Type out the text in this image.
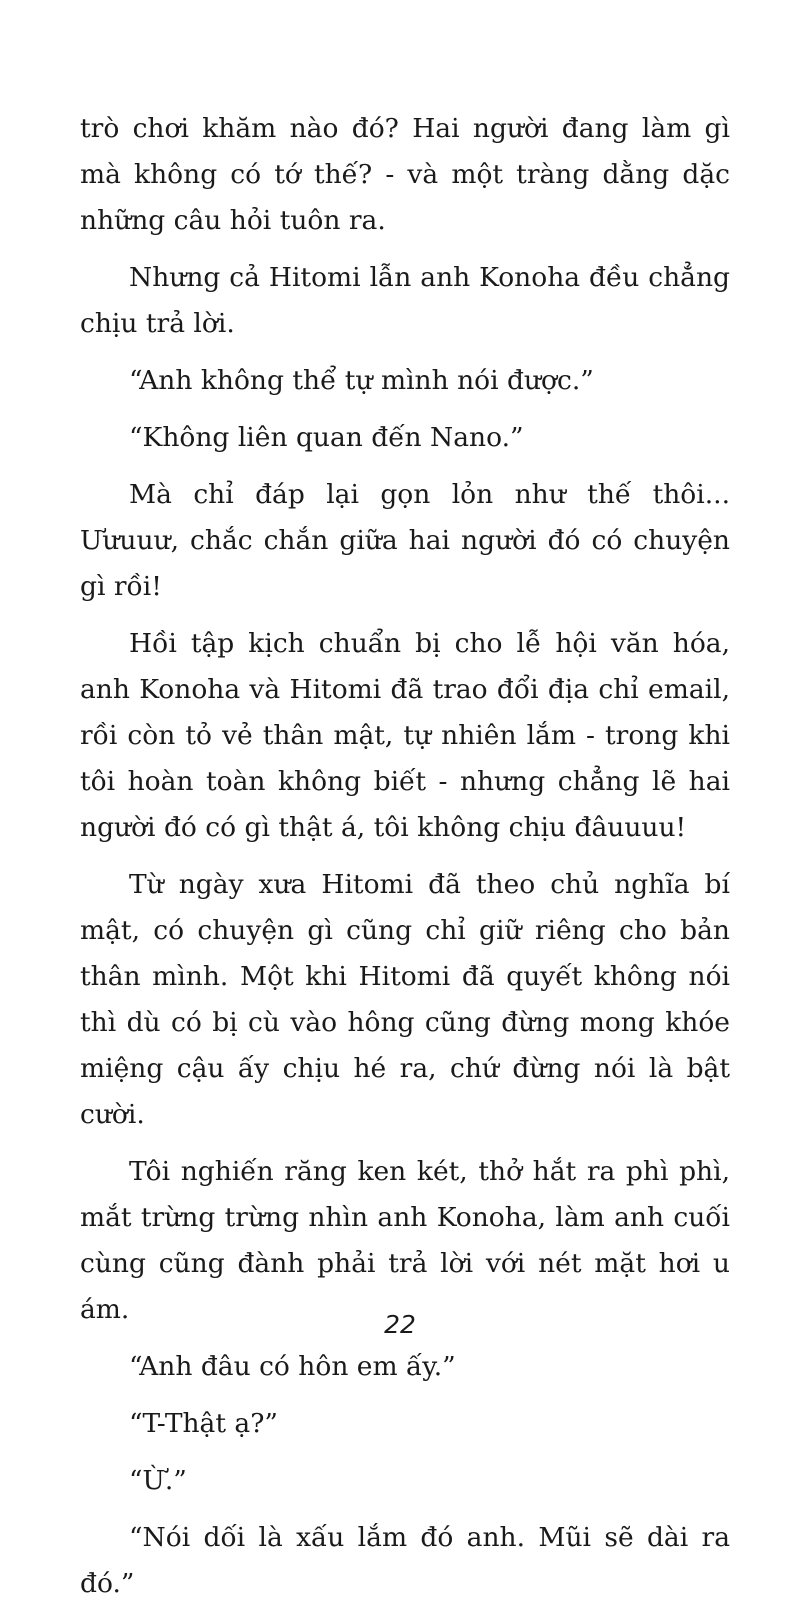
trò chơi khăm nào đó? Hai người đang làm gì mà không có tớ thế? - và một tràng dằng dặc những câu hỏi tuôn ra.

Nhưng cả Hitomi lẫn anh Konoha đều chẳng chịu trả lời.

“Anh không thể tự mình nói được.”

“Không liên quan đến Nano.”

Mà chỉ đáp lại gọn lỏn như thế thôi... Ưưuuư, chắc chắn giữa hai người đó có chuyện gì rồi!

Hồi tập kịch chuẩn bị cho lễ hội văn hóa, anh Konoha và Hitomi đã trao đổi địa chỉ email, rồi còn tỏ vẻ thân mật, tự nhiên lắm - trong khi tôi hoàn toàn không biết - nhưng chẳng lẽ hai người đó có gì thật á, tôi không chịu đâuuuu!

Từ ngày xưa Hitomi đã theo chủ nghĩa bí mật, có chuyện gì cũng chỉ giữ riêng cho bản thân mình. Một khi Hitomi đã quyết không nói thì dù có bị cù vào hông cũng đừng mong khóe miệng cậu ấy chịu hé ra, chứ đừng nói là bật cười.

Tôi nghiến răng ken két, thở hắt ra phì phì, mắt trừng trừng nhìn anh Konoha, làm anh cuối cùng cũng đành phải trả lời với nét mặt hơi u ám.

“Anh đâu có hôn em ấy.”

“T-Thật ạ?”

“Ừ.”

“Nói dối là xấu lắm đó anh. Mũi sẽ dài ra đó.”

22
